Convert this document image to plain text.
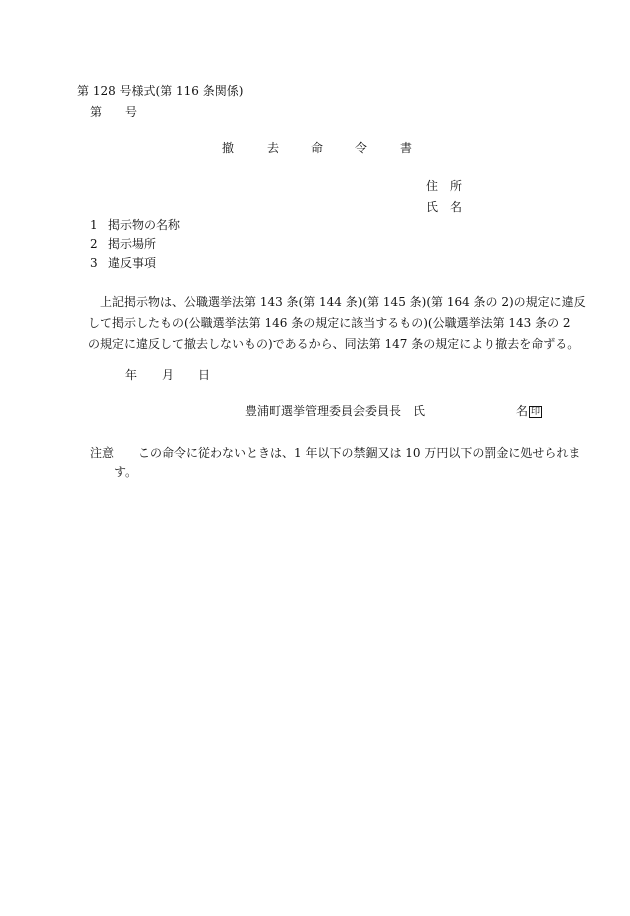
第 128 号様式(第 116 条関係)
第 号
撤	去	命	令	書
住　所
氏　名
1 掲示物の名称
2 掲示場所
3 違反事項
上記掲示物は、公職選挙法第 143 条(第 144 条)(第 145 条)(第 164 条の 2)の規定に違反
して掲示したもの(公職選挙法第 146 条の規定に該当するもの)(公職選挙法第 143 条の 2
の規定に違反して撤去しないもの)であるから、同法第 147 条の規定により撤去を命ずる。
年 月 日
豊浦町選挙管理委員会委員長　氏	名 印
注意 この命令に従わないときは、1 年以下の禁錮又は 10 万円以下の罰金に処せられま
す。
